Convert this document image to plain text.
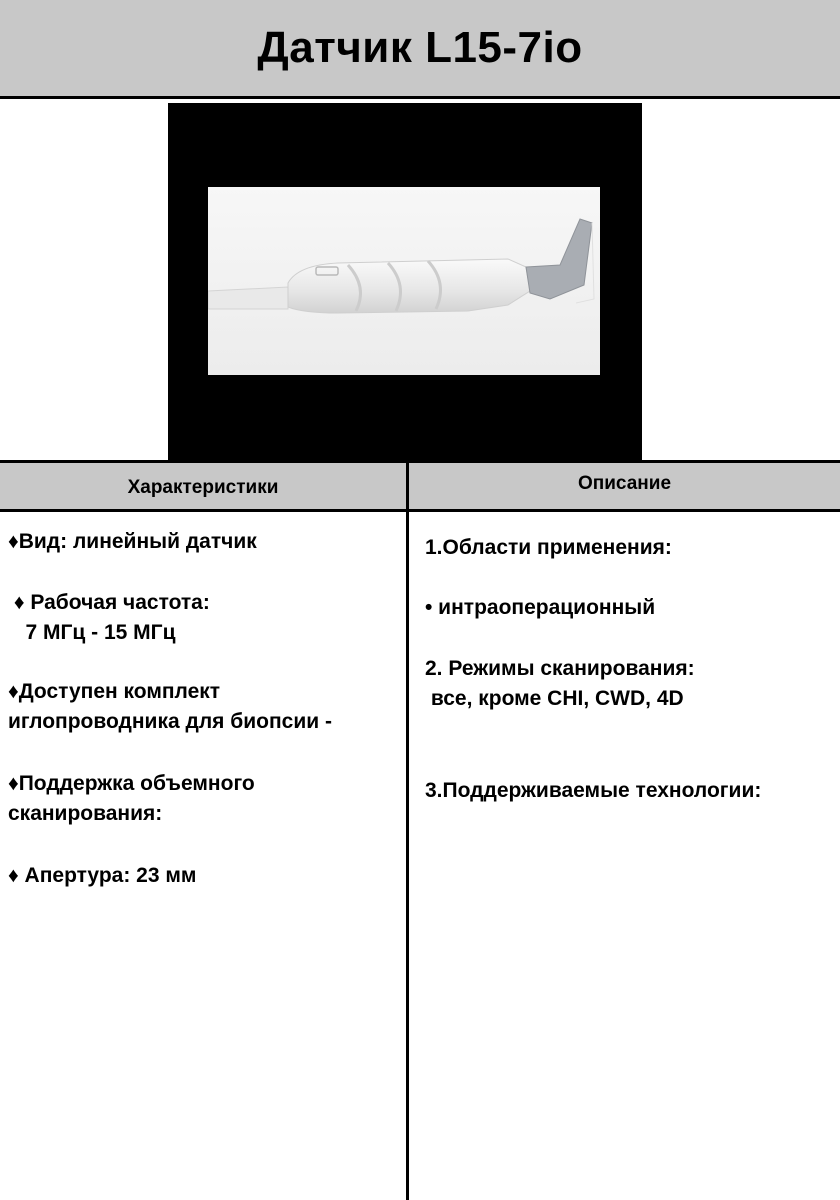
Датчик L15-7io
Характеристики	Описание
♦Вид: линейный датчик
♦ Рабочая частота:
7 МГц - 15 МГц
♦Доступен комплект
иглопроводника для биопсии -
♦Поддержка объемного
сканирования:
♦ Апертура: 23 мм
1.Области применения:
• интраоперационный
2. Режимы сканирования:
все, кроме CHI, CWD, 4D
3.Поддерживаемые технологии:
